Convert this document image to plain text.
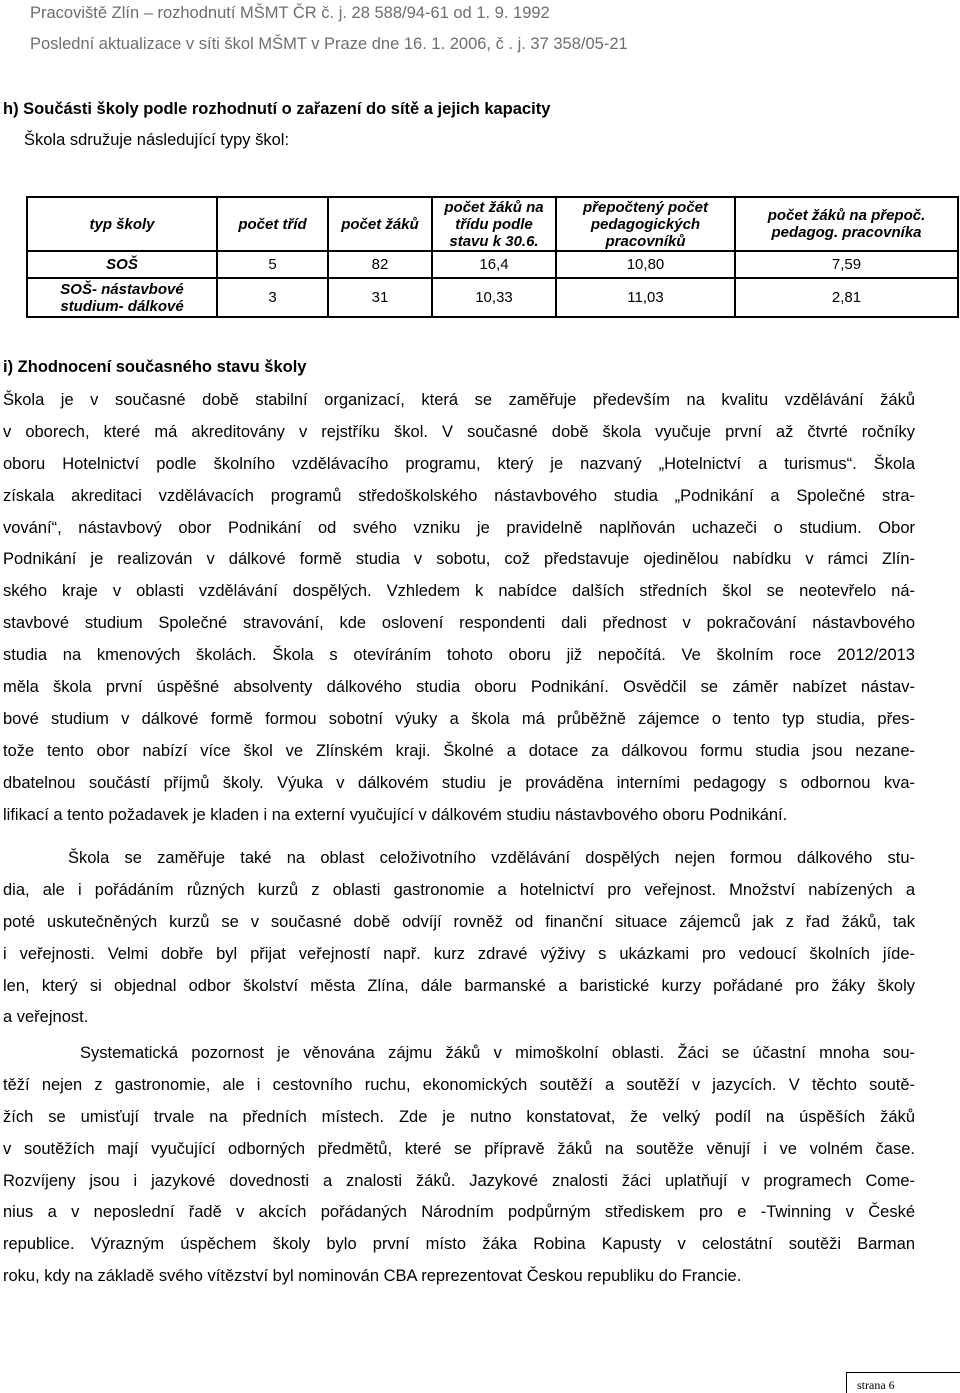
Pracoviště Zlín – rozhodnutí MŠMT ČR č. j. 28 588/94-61 od 1. 9. 1992
Poslední aktualizace v síti škol MŠMT v Praze dne 16. 1. 2006, č . j. 37 358/05-21
h) Součásti školy podle rozhodnutí o zařazení do sítě a jejich kapacity
Škola sdružuje následující typy škol:
typ školy	počet tříd	počet žáků	počet žáků na třídu podle stavu k 30.6.	přepočtený počet pedagogických pracovníků	počet žáků na přepoč. pedagog. pracovníka
SOŠ	5	82	16,4	10,80	7,59
SOŠ- nástavbové studium- dálkové	3	31	10,33	11,03	2,81
i) Zhodnocení současného stavu školy
Škola je v současné době stabilní organizací, která se zaměřuje především na kvalitu vzdělávání žáků
v oborech, které má akreditovány v rejstříku škol. V současné době škola vyučuje první až čtvrté ročníky
oboru Hotelnictví podle školního vzdělávacího programu, který je nazvaný „Hotelnictví a turismus“. Škola
získala akreditaci vzdělávacích programů středoškolského nástavbového studia „Podnikání a Společné stra-
vování“, nástavbový obor Podnikání od svého vzniku je pravidelně naplňován uchazeči o studium. Obor
Podnikání je realizován v dálkové formě studia v sobotu, což představuje ojedinělou nabídku v rámci Zlín-
ského kraje v oblasti vzdělávání dospělých. Vzhledem k nabídce dalších středních škol se neotevřelo ná-
stavbové studium Společné stravování, kde oslovení respondenti dali přednost v pokračování nástavbového
studia na kmenových školách. Škola s otevíráním tohoto oboru již nepočítá. Ve školním roce 2012/2013
měla škola první úspěšné absolventy dálkového studia oboru Podnikání. Osvědčil se záměr nabízet nástav-
bové studium v dálkové formě formou sobotní výuky a škola má průběžně zájemce o tento typ studia, přes-
tože tento obor nabízí více škol ve Zlínském kraji. Školné a dotace za dálkovou formu studia jsou nezane-
dbatelnou součástí příjmů školy. Výuka v dálkovém studiu je prováděna interními pedagogy s odbornou kva-
lifikací a tento požadavek je kladen i na externí vyučující v dálkovém studiu nástavbového oboru Podnikání.
Škola se zaměřuje také na oblast celoživotního vzdělávání dospělých nejen formou dálkového stu-
dia, ale i pořádáním různých kurzů z oblasti gastronomie a hotelnictví pro veřejnost. Množství nabízených a
poté uskutečněných kurzů se v současné době odvíjí rovněž od finanční situace zájemců jak z řad žáků, tak
i veřejnosti. Velmi dobře byl přijat veřejností např. kurz zdravé výživy s ukázkami pro vedoucí školních jíde-
len, který si objednal odbor školství města Zlína, dále barmanské a baristické kurzy pořádané pro žáky školy
a veřejnost.
Systematická pozornost je věnována zájmu žáků v mimoškolní oblasti. Žáci se účastní mnoha sou-
těží nejen z gastronomie, ale i cestovního ruchu, ekonomických soutěží a soutěží v jazycích. V těchto soutě-
žích se umisťují trvale na předních místech. Zde je nutno konstatovat, že velký podíl na úspěších žáků
v soutěžích mají vyučující odborných předmětů, které se přípravě žáků na soutěže věnují i ve volném čase.
Rozvíjeny jsou i jazykové dovednosti a znalosti žáků. Jazykové znalosti žáci uplatňují v programech Come-
nius a v neposlední řadě v akcích pořádaných Národním podpůrným střediskem pro e -Twinning v České
republice. Výrazným úspěchem školy bylo první místo žáka Robina Kapusty v celostátní soutěži Barman
roku, kdy na základě svého vítězství byl nominován CBA reprezentovat Českou republiku do Francie.
strana 6
